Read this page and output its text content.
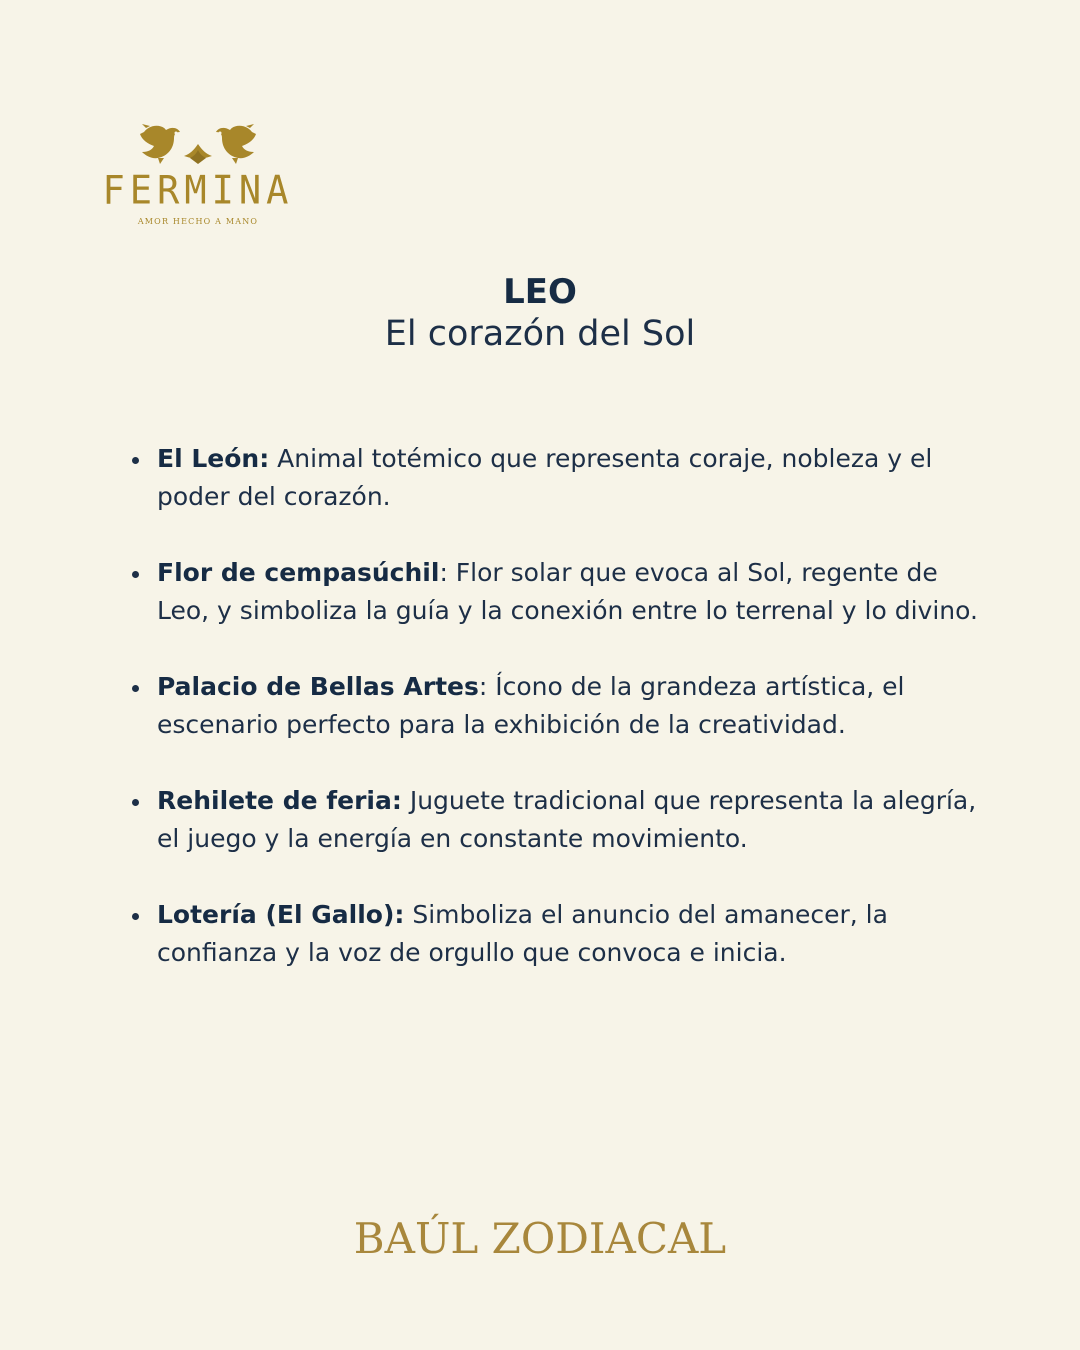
FERMINA
AMOR HECHO A MANO
LEO
El corazón del Sol
El León: Animal totémico que representa coraje, nobleza y el poder del corazón.
Flor de cempasúchil: Flor solar que evoca al Sol, regente de Leo, y simboliza la guía y la conexión entre lo terrenal y lo divino.
Palacio de Bellas Artes: Ícono de la grandeza artística, el escenario perfecto para la exhibición de la creatividad.
Rehilete de feria: Juguete tradicional que representa la alegría, el juego y la energía en constante movimiento.
Lotería (El Gallo): Simboliza el anuncio del amanecer, la confianza y la voz de orgullo que convoca e inicia.
BAÚL ZODIACAL
